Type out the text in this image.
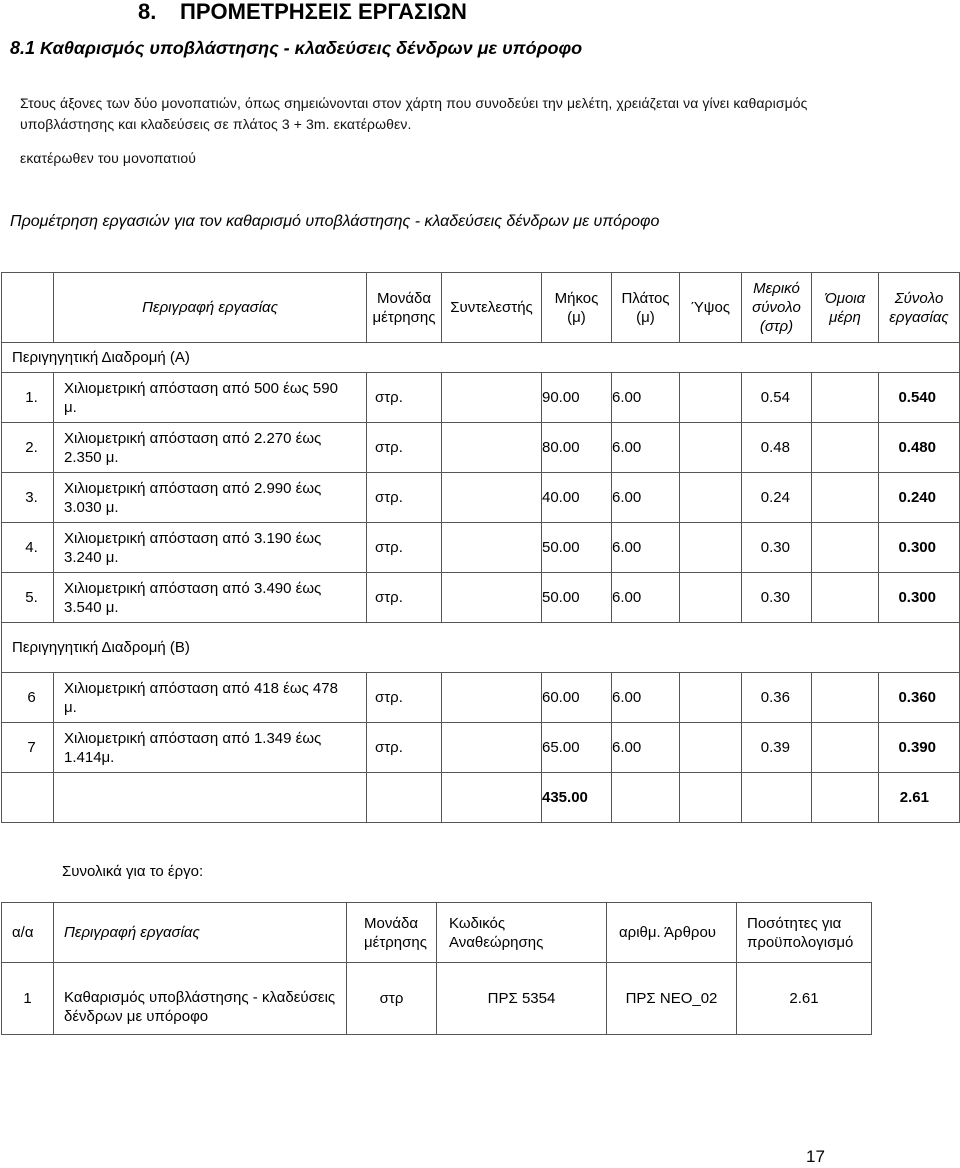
8. ΠΡΟΜΕΤΡΗΣΕΙΣ ΕΡΓΑΣΙΩΝ
8.1 Καθαρισμός υποβλάστησης - κλαδεύσεις δένδρων με υπόροφο
Στους άξονες των δύο μονοπατιών, όπως σημειώνονται στον χάρτη που συνοδεύει την μελέτη, χρειάζεται να γίνει καθαρισμός
υποβλάστησης και κλαδεύσεις σε πλάτος 3 + 3m. εκατέρωθεν.
εκατέρωθεν του μονοπατιού
Προμέτρηση εργασιών για τον καθαρισμό υποβλάστησης - κλαδεύσεις δένδρων με υπόροφο
	Περιγραφή εργασίας	Μονάδα μέτρησης	Συντελεστής	Μήκος (μ)	Πλάτος (μ)	Ύψος	Μερικό σύνολο (στρ)	Όμοια μέρη	Σύνολο εργασίας
Περιγηγητική Διαδρομή (Α)									
1.	Χιλιομετρική απόσταση από 500 έως 590 μ.	στρ.		90.00	6.00		0.54		0.540
2.	Χιλιομετρική απόσταση από 2.270 έως 2.350 μ.	στρ.		80.00	6.00		0.48		0.480
3.	Χιλιομετρική απόσταση από 2.990 έως 3.030 μ.	στρ.		40.00	6.00		0.24		0.240
4.	Χιλιομετρική απόσταση από 3.190 έως 3.240 μ.	στρ.		50.00	6.00		0.30		0.300
5.	Χιλιομετρική απόσταση από 3.490 έως 3.540 μ.	στρ.		50.00	6.00		0.30		0.300
Περιγηγητική Διαδρομή (Β)									
6	Χιλιομετρική απόσταση από 418 έως 478 μ.	στρ.		60.00	6.00		0.36		0.360
7	Χιλιομετρική απόσταση από 1.349 έως 1.414μ.	στρ.		65.00	6.00		0.39		0.390
				435.00					2.61
Συνολικά για το έργο:
α/α	Περιγραφή εργασίας	Μονάδα μέτρησης	Κωδικός Αναθεώρησης	αριθμ. Άρθρου	Ποσότητες για προϋπολογισμό
1	Καθαρισμός υποβλάστησης - κλαδεύσεις δένδρων με υπόροφο	στρ	ΠΡΣ 5354	ΠΡΣ ΝΕΟ_02	2.61
17
